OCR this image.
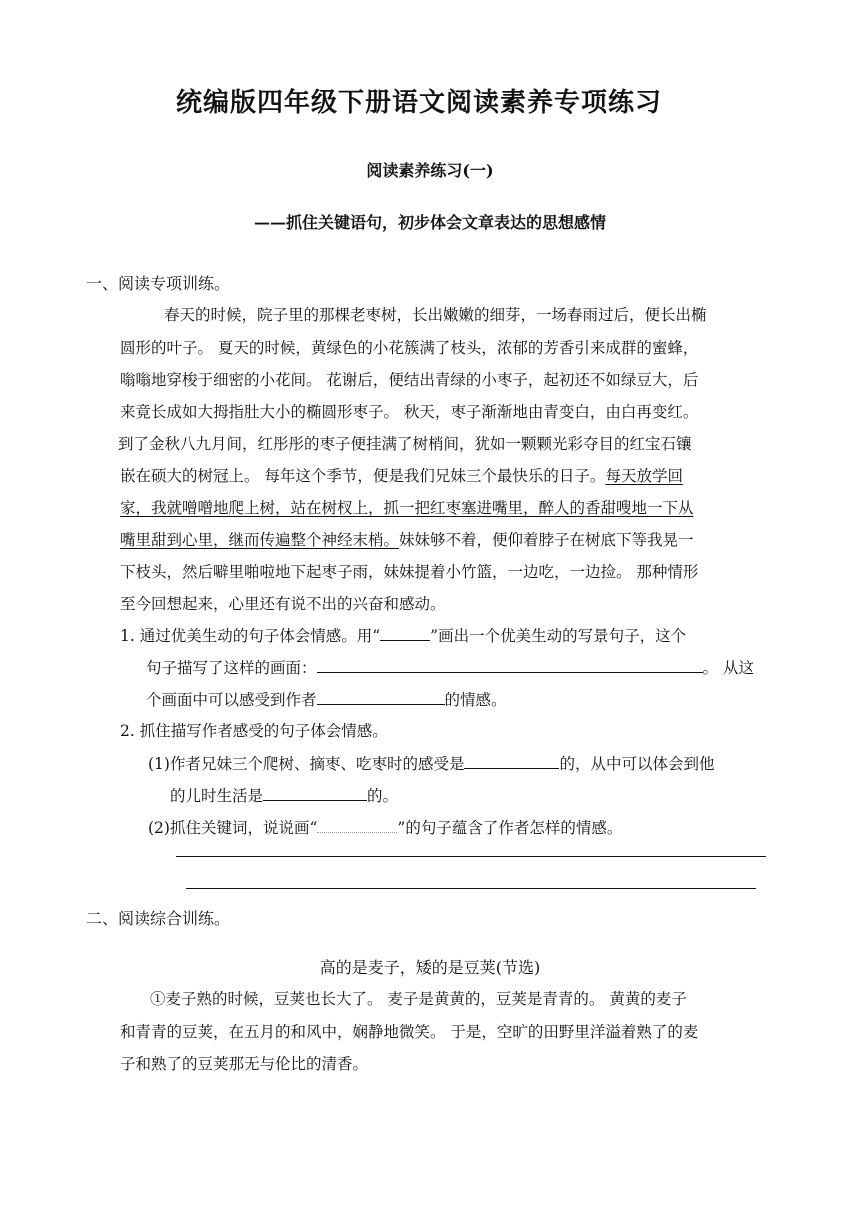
统编版四年级下册语文阅读素养专项练习
阅读素养练习(一)
——抓住关键语句，初步体会文章表达的思想感情
一、阅读专项训练。
春天的时候，院子里的那棵老枣树，长出嫩嫩的细芽，一场春雨过后，便长出椭
圆形的叶子。 夏天的时候，黄绿色的小花簇满了枝头，浓郁的芳香引来成群的蜜蜂，
嗡嗡地穿梭于细密的小花间。 花谢后，便结出青绿的小枣子，起初还不如绿豆大，后
来竟长成如大拇指肚大小的椭圆形枣子。 秋天，枣子渐渐地由青变白，由白再变红。
到了金秋八九月间，红彤彤的枣子便挂满了树梢间，犹如一颗颗光彩夺目的红宝石镶
嵌在硕大的树冠上。 每年这个季节，便是我们兄妹三个最快乐的日子。每天放学回
家，我就噌噌地爬上树，站在树杈上，抓一把红枣塞进嘴里，醉人的香甜嗖地一下从
嘴里甜到心里，继而传遍整个神经末梢。妹妹够不着，便仰着脖子在树底下等我晃一
下枝头，然后噼里啪啦地下起枣子雨，妹妹提着小竹篮，一边吃，一边捡。 那种情形
至今回想起来，心里还有说不出的兴奋和感动。
1. 通过优美生动的句子体会情感。用“	”画出一个优美生动的写景句子，这个
句子描写了这样的画面：	。 从这
个画面中可以感受到作者	的情感。
2. 抓住描写作者感受的句子体会情感。
(1)作者兄妹三个爬树、摘枣、吃枣时的感受是	的，从中可以体会到他
的儿时生活是	的。
(2)抓住关键词，说说画“	”的句子蕴含了作者怎样的情感。
二、阅读综合训练。
高的是麦子，矮的是豆荚(节选)
①麦子熟的时候，豆荚也长大了。 麦子是黄黄的，豆荚是青青的。 黄黄的麦子
和青青的豆荚，在五月的和风中，娴静地微笑。 于是，空旷的田野里洋溢着熟了的麦
子和熟了的豆荚那无与伦比的清香。
